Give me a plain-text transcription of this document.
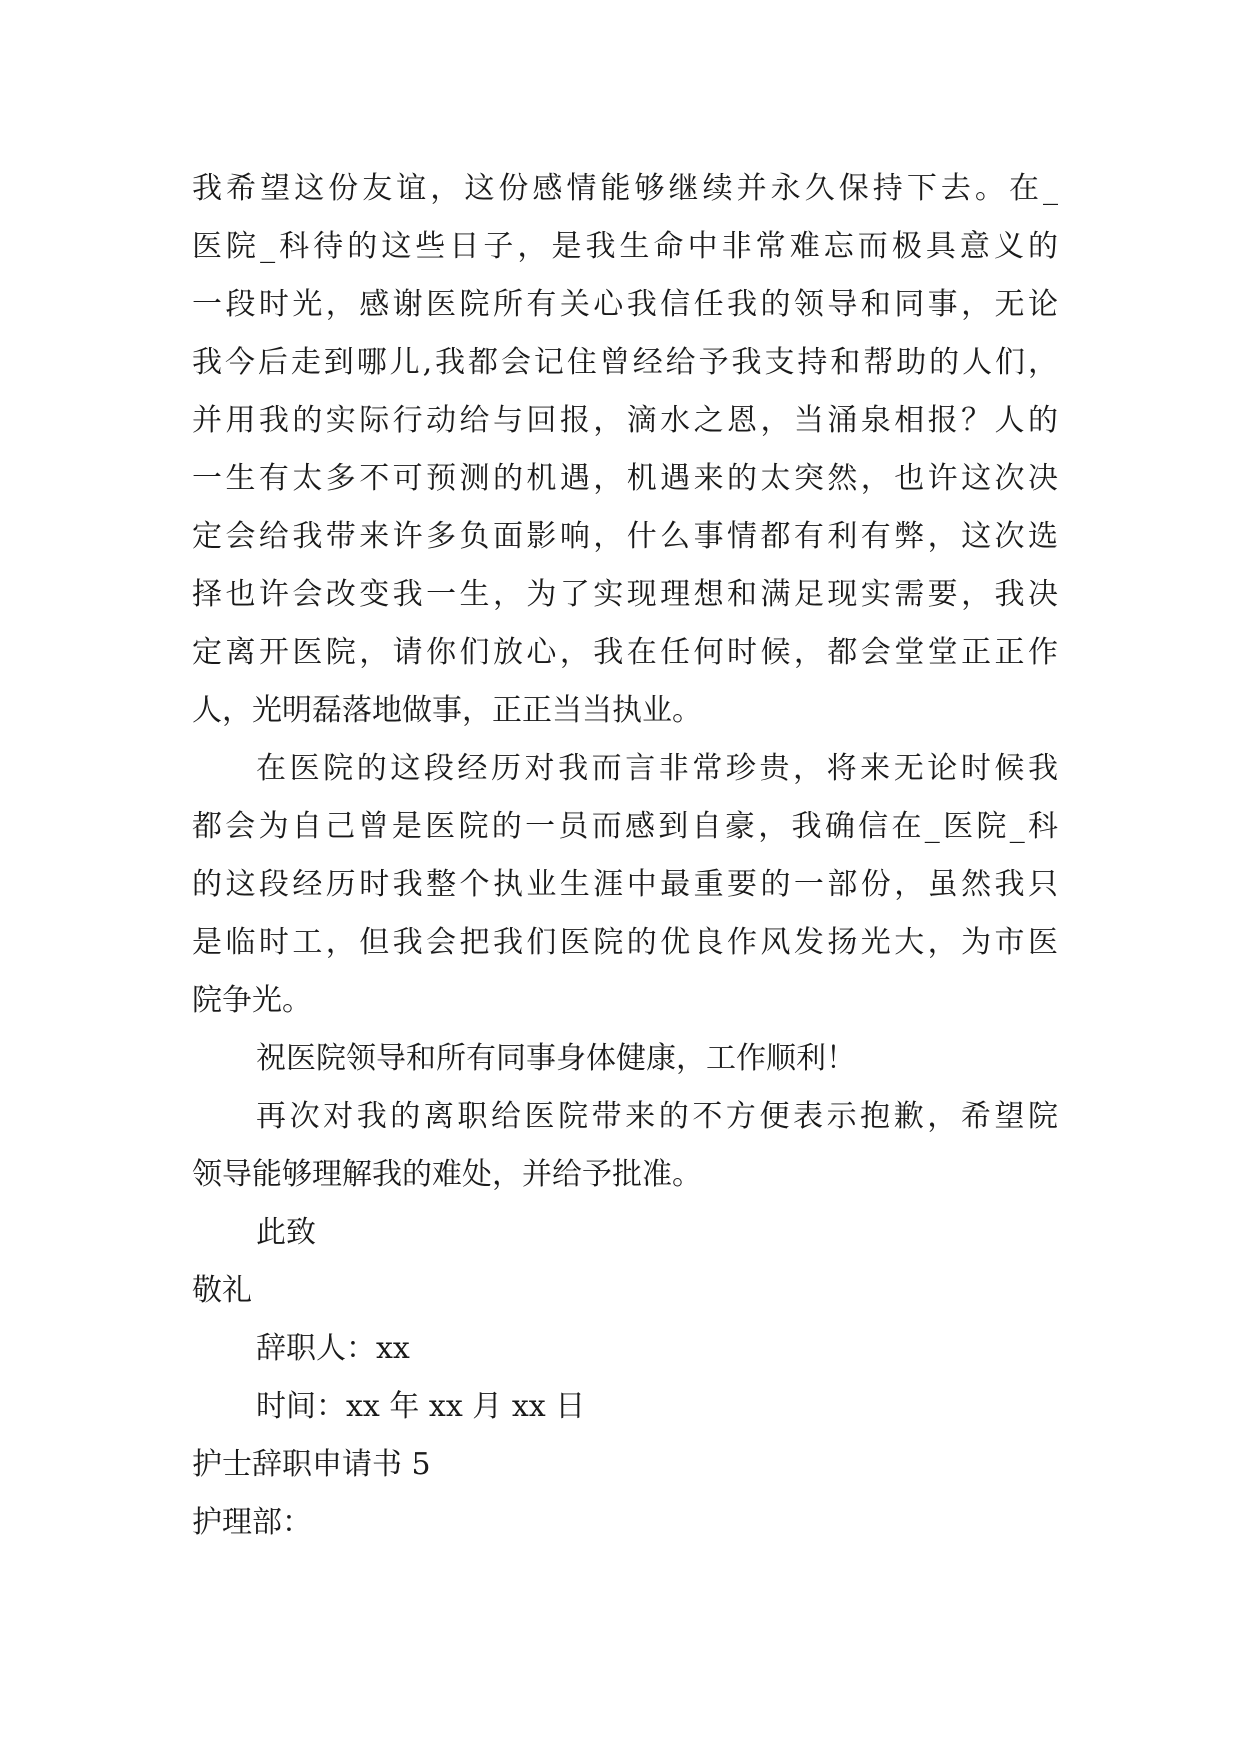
我希望这份友谊，这份感情能够继续并永久保持下去。在_
医院_科待的这些日子，是我生命中非常难忘而极具意义的
一段时光，感谢医院所有关心我信任我的领导和同事，无论
我今后走到哪儿,我都会记住曾经给予我支持和帮助的人们，
并用我的实际行动给与回报，滴水之恩，当涌泉相报？人的
一生有太多不可预测的机遇，机遇来的太突然，也许这次决
定会给我带来许多负面影响，什么事情都有利有弊，这次选
择也许会改变我一生，为了实现理想和满足现实需要，我决
定离开医院，请你们放心，我在任何时候，都会堂堂正正作
人，光明磊落地做事，正正当当执业。
在医院的这段经历对我而言非常珍贵，将来无论时候我
都会为自己曾是医院的一员而感到自豪，我确信在_医院_科
的这段经历时我整个执业生涯中最重要的一部份，虽然我只
是临时工，但我会把我们医院的优良作风发扬光大，为市医
院争光。
祝医院领导和所有同事身体健康，工作顺利！
再次对我的离职给医院带来的不方便表示抱歉，希望院
领导能够理解我的难处，并给予批准。
此致
敬礼
辞职人：xx
时间：xx 年 xx 月 xx 日
护士辞职申请书 5
护理部：
